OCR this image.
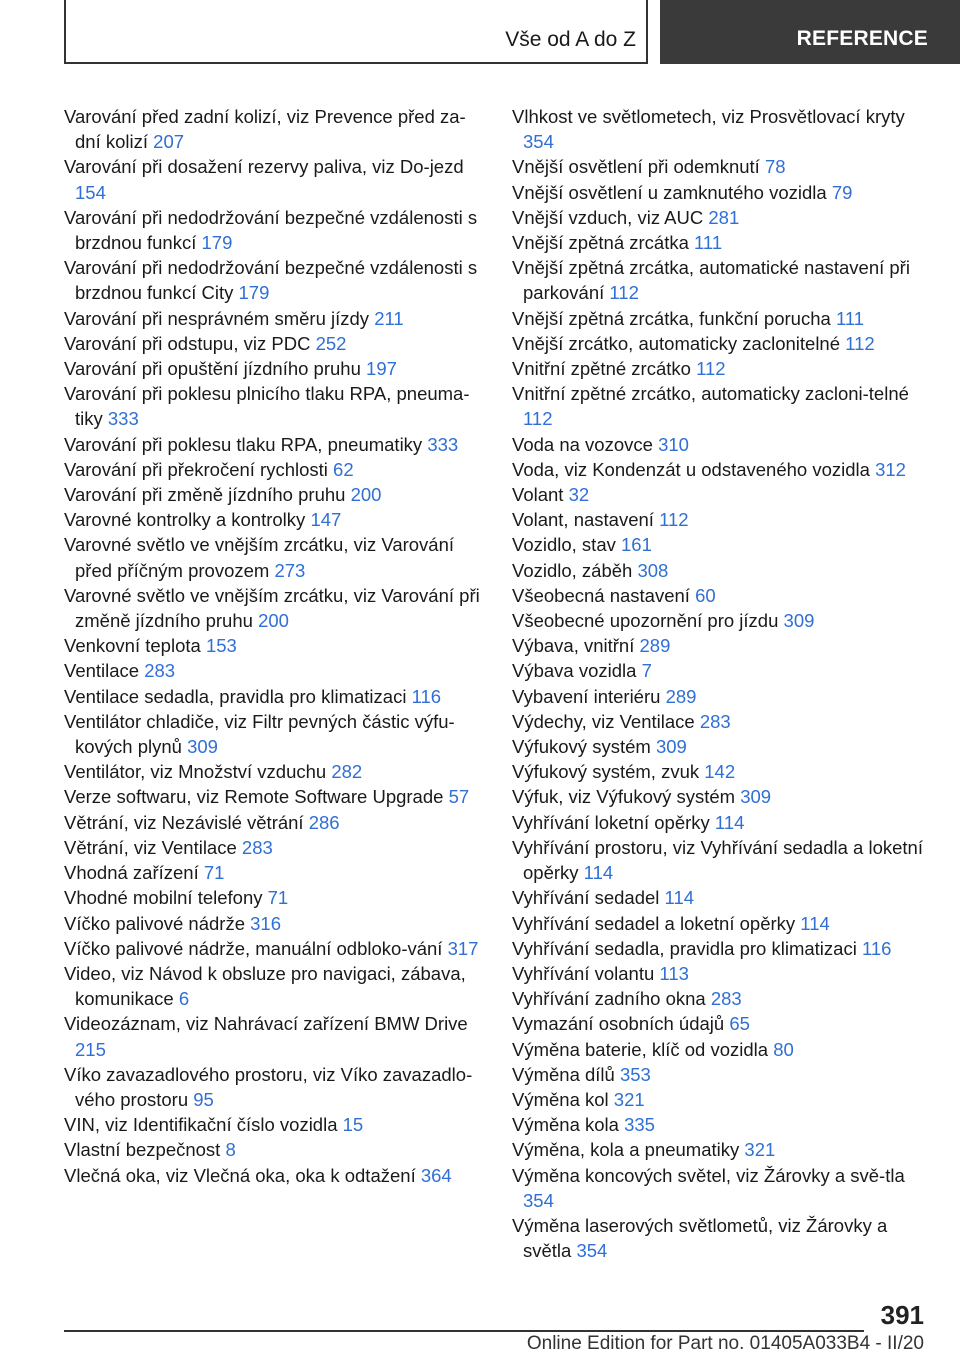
Vše od A do Z	REFERENCE
Varování před zadní kolizí, viz Prevence před za-dní kolizí 207
Varování při dosažení rezervy paliva, viz Do-jezd 154
Varování při nedodržování bezpečné vzdálenosti s brzdnou funkcí 179
Varování při nedodržování bezpečné vzdálenosti s brzdnou funkcí City 179
Varování při nesprávném směru jízdy 211
Varování při odstupu, viz PDC 252
Varování při opuštění jízdního pruhu 197
Varování při poklesu plnicího tlaku RPA, pneuma-tiky 333
Varování při poklesu tlaku RPA, pneumatiky 333
Varování při překročení rychlosti 62
Varování při změně jízdního pruhu 200
Varovné kontrolky a kontrolky 147
Varovné světlo ve vnějším zrcátku, viz Varování před příčným provozem 273
Varovné světlo ve vnějším zrcátku, viz Varování při změně jízdního pruhu 200
Venkovní teplota 153
Ventilace 283
Ventilace sedadla, pravidla pro klimatizaci 116
Ventilátor chladiče, viz Filtr pevných částic výfu-kových plynů 309
Ventilátor, viz Množství vzduchu 282
Verze softwaru, viz Remote Software Upgrade 57
Větrání, viz Nezávislé větrání 286
Větrání, viz Ventilace 283
Vhodná zařízení 71
Vhodné mobilní telefony 71
Víčko palivové nádrže 316
Víčko palivové nádrže, manuální odbloko-vání 317
Video, viz Návod k obsluze pro navigaci, zábava, komunikace 6
Videozáznam, viz Nahrávací zařízení BMW Drive 215
Víko zavazadlového prostoru, viz Víko zavazadlo-vého prostoru 95
VIN, viz Identifikační číslo vozidla 15
Vlastní bezpečnost 8
Vlečná oka, viz Vlečná oka, oka k odtažení 364
Vlhkost ve světlometech, viz Prosvětlovací kryty 354
Vnější osvětlení při odemknutí 78
Vnější osvětlení u zamknutého vozidla 79
Vnější vzduch, viz AUC 281
Vnější zpětná zrcátka 111
Vnější zpětná zrcátka, automatické nastavení při parkování 112
Vnější zpětná zrcátka, funkční porucha 111
Vnější zrcátko, automaticky zaclonitelné 112
Vnitřní zpětné zrcátko 112
Vnitřní zpětné zrcátko, automaticky zacloni-telné 112
Voda na vozovce 310
Voda, viz Kondenzát u odstaveného vozidla 312
Volant 32
Volant, nastavení 112
Vozidlo, stav 161
Vozidlo, záběh 308
Všeobecná nastavení 60
Všeobecné upozornění pro jízdu 309
Výbava, vnitřní 289
Výbava vozidla 7
Vybavení interiéru 289
Výdechy, viz Ventilace 283
Výfukový systém 309
Výfukový systém, zvuk 142
Výfuk, viz Výfukový systém 309
Vyhřívání loketní opěrky 114
Vyhřívání prostoru, viz Vyhřívání sedadla a loketní opěrky 114
Vyhřívání sedadel 114
Vyhřívání sedadel a loketní opěrky 114
Vyhřívání sedadla, pravidla pro klimatizaci 116
Vyhřívání volantu 113
Vyhřívání zadního okna 283
Vymazání osobních údajů 65
Výměna baterie, klíč od vozidla 80
Výměna dílů 353
Výměna kol 321
Výměna kola 335
Výměna, kola a pneumatiky 321
Výměna koncových světel, viz Žárovky a svě-tla 354
Výměna laserových světlometů, viz Žárovky a světla 354
391
Online Edition for Part no. 01405A033B4 - II/20
